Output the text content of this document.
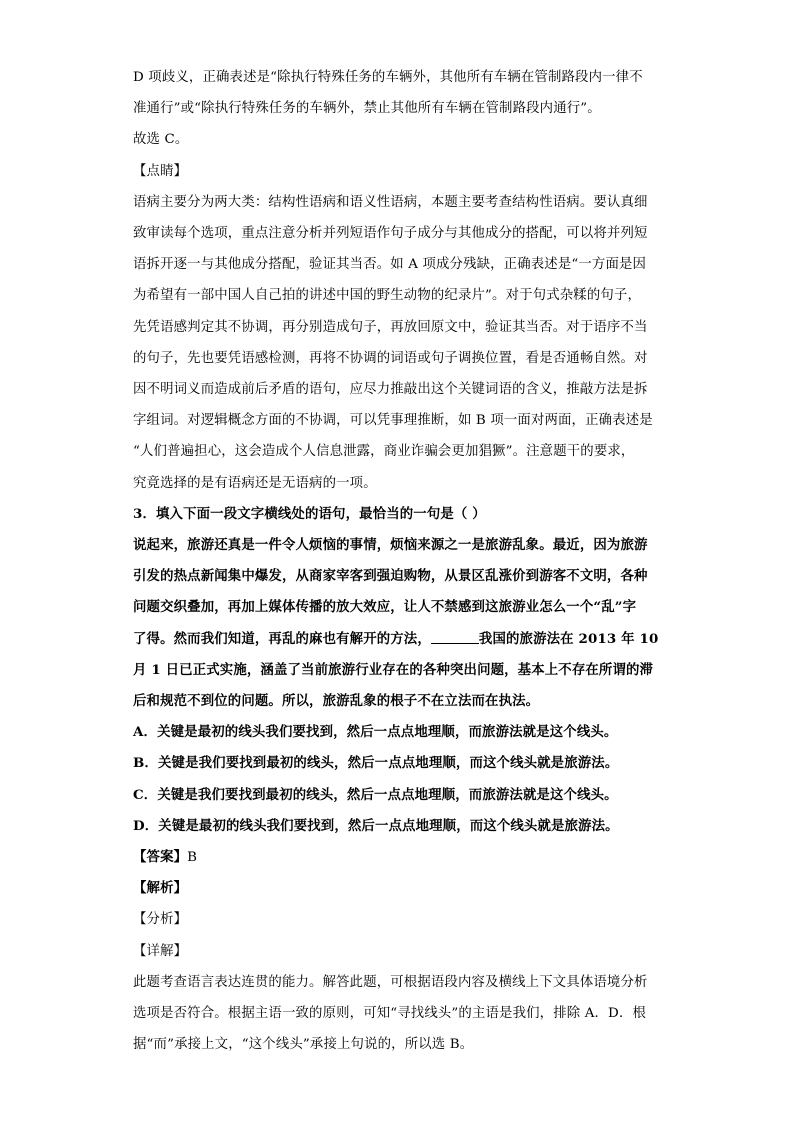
D 项歧义，正确表述是“除执行特殊任务的车辆外，其他所有车辆在管制路段内一律不

准通行”或“除执行特殊任务的车辆外，禁止其他所有车辆在管制路段内通行”。

故选 C。

【点睛】

语病主要分为两大类：结构性语病和语义性语病，本题主要考查结构性语病。要认真细

致审读每个选项，重点注意分析并列短语作句子成分与其他成分的搭配，可以将并列短

语拆开逐一与其他成分搭配，验证其当否。如 A 项成分残缺，正确表述是“一方面是因

为希望有一部中国人自己拍的讲述中国的野生动物的纪录片”。对于句式杂糅的句子，

先凭语感判定其不协调，再分别造成句子，再放回原文中，验证其当否。对于语序不当

的句子，先也要凭语感检测，再将不协调的词语或句子调换位置，看是否通畅自然。对

因不明词义而造成前后矛盾的语句，应尽力推敲出这个关键词语的含义，推敲方法是拆

字组词。对逻辑概念方面的不协调，可以凭事理推断，如 B 项一面对两面，正确表述是

“人们普遍担心，这会造成个人信息泄露，商业诈骗会更加猖獗”。注意题干的要求，

究竟选择的是有语病还是无语病的一项。

3．填入下面一段文字横线处的语句，最恰当的一句是（ ）

说起来，旅游还真是一件令人烦恼的事情，烦恼来源之一是旅游乱象。最近，因为旅游

引发的热点新闻集中爆发，从商家宰客到强迫购物，从景区乱涨价到游客不文明，各种

问题交织叠加，再加上媒体传播的放大效应，让人不禁感到这旅游业怎么一个“乱”字

了得。然而我们知道，再乱的麻也有解开的方法，	我国的旅游法在 2013 年 10

月 1 日已正式实施，涵盖了当前旅游行业存在的各种突出问题，基本上不存在所谓的滞

后和规范不到位的问题。所以，旅游乱象的根子不在立法而在执法。

A．关键是最初的线头我们要找到，然后一点点地理顺，而旅游法就是这个线头。

B．关键是我们要找到最初的线头，然后一点点地理顺，而这个线头就是旅游法。

C．关键是我们要找到最初的线头，然后一点点地理顺，而旅游法就是这个线头。

D．关键是最初的线头我们要找到，然后一点点地理顺，而这个线头就是旅游法。

【答案】B

【解析】

【分析】

【详解】

此题考查语言表达连贯的能力。解答此题，可根据语段内容及横线上下文具体语境分析

选项是否符合。根据主语一致的原则，可知“寻找线头”的主语是我们，排除 A．D．根

据“而”承接上文，“这个线头”承接上句说的，所以选 B。
